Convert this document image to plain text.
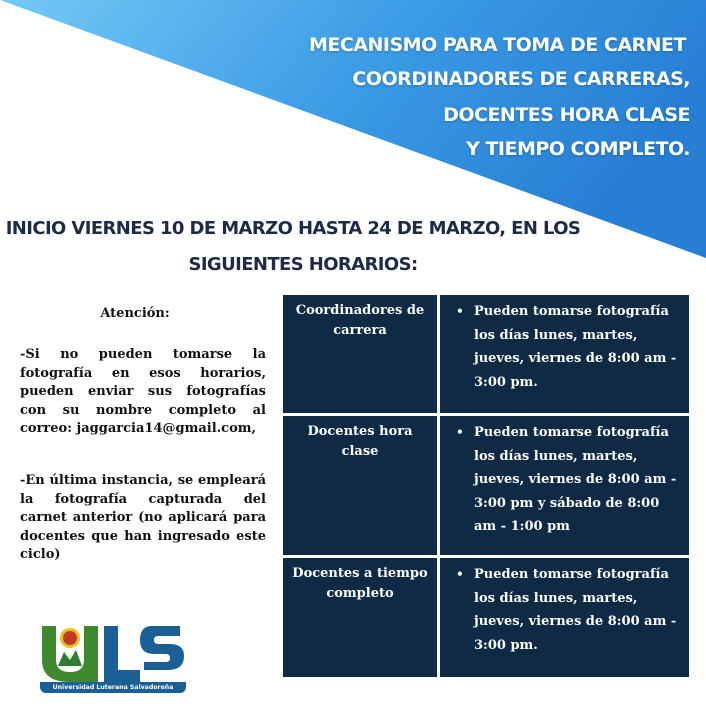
MECANISMO PARA TOMA DE CARNET
COORDINADORES DE CARRERAS,
DOCENTES HORA CLASE
Y TIEMPO COMPLETO.
INICIO VIERNES 10 DE MARZO HASTA 24 DE MARZO, EN LOS
SIGUIENTES HORARIOS:
Atención:
-Si no pueden tomarse la fotografía en esos horarios, pueden enviar sus fotografías con su nombre completo al correo: jaggarcia14@gmail.com,
-En última instancia, se empleará la fotografía capturada del carnet anterior (no aplicará para docentes que han ingresado este ciclo)
Coordinadores de carrera
• Pueden tomarse fotografía los días lunes, martes, jueves, viernes de 8:00 am - 3:00 pm.
Docentes hora clase
• Pueden tomarse fotografía los días lunes, martes, jueves, viernes de 8:00 am - 3:00 pm y sábado de 8:00 am - 1:00 pm
Docentes a tiempo completo
• Pueden tomarse fotografía los días lunes, martes, jueves, viernes de 8:00 am - 3:00 pm.
Universidad Luterana Salvadoreña
